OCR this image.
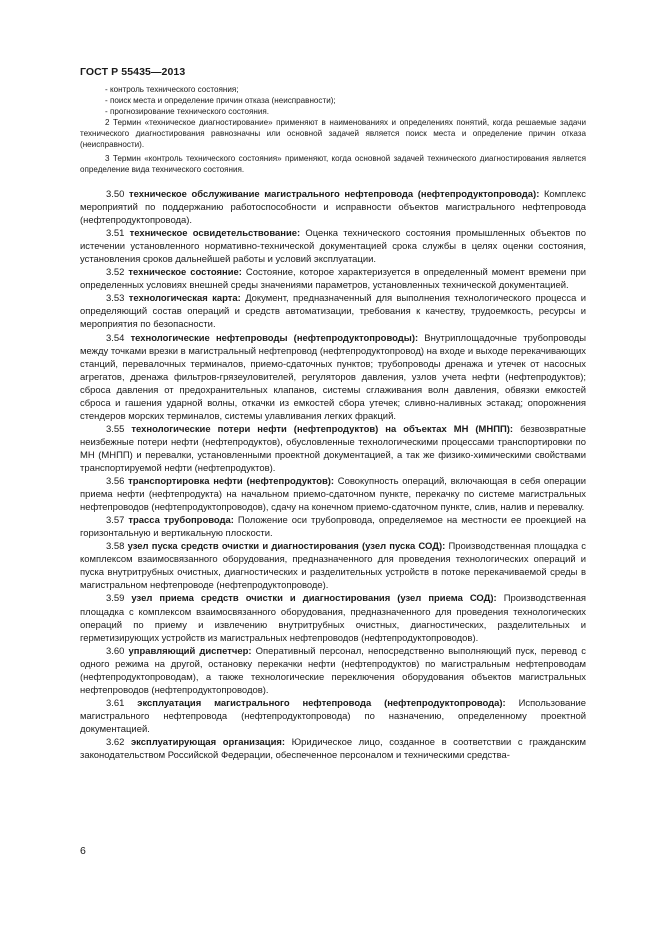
ГОСТ Р 55435—2013

- контроль технического состояния;

- поиск места и определение причин отказа (неисправности);

- прогнозирование технического состояния.

2 Термин «техническое диагностирование» применяют в наименованиях и определениях понятий, когда решаемые задачи технического диагностирования равнозначны или основной задачей является поиск места и определение причин отказа (неисправности).

3 Термин «контроль технического состояния» применяют, когда основной задачей технического диагностирования является определение вида технического состояния.

3.50 техническое обслуживание магистрального нефтепровода (нефтепродуктопровода): Комплекс мероприятий по поддержанию работоспособности и исправности объектов магистрального нефтепровода (нефтепродуктопровода).

3.51 техническое освидетельствование: Оценка технического состояния промышленных объектов по истечении установленного нормативно-технической документацией срока службы в целях оценки состояния, установления сроков дальнейшей работы и условий эксплуатации.

3.52 техническое состояние: Состояние, которое характеризуется в определенный момент времени при определенных условиях внешней среды значениями параметров, установленных технической документацией.

3.53 технологическая карта: Документ, предназначенный для выполнения технологического процесса и определяющий состав операций и средств автоматизации, требования к качеству, трудоемкость, ресурсы и мероприятия по безопасности.

3.54 технологические нефтепроводы (нефтепродуктопроводы): Внутриплощадочные трубопроводы между точками врезки в магистральный нефтепровод (нефтепродуктопровод) на входе и выходе перекачивающих станций, перевалочных терминалов, приемо-сдаточных пунктов; трубопроводы дренажа и утечек от насосных агрегатов, дренажа фильтров-грязеуловителей, регуляторов давления, узлов учета нефти (нефтепродуктов); сброса давления от предохранительных клапанов, системы сглаживания волн давления, обвязки емкостей сброса и гашения ударной волны, откачки из емкостей сбора утечек; сливно-наливных эстакад; опорожнения стендеров морских терминалов, системы улавливания легких фракций.

3.55 технологические потери нефти (нефтепродуктов) на объектах МН (МНПП): безвозвратные неизбежные потери нефти (нефтепродуктов), обусловленные технологическими процессами транспортировки по МН (МНПП) и перевалки, установленными проектной документацией, а так же физико-химическими свойствами транспортируемой нефти (нефтепродуктов).

3.56 транспортировка нефти (нефтепродуктов): Совокупность операций, включающая в себя операции приема нефти (нефтепродукта) на начальном приемо-сдаточном пункте, перекачку по системе магистральных нефтепроводов (нефтепродуктопроводов), сдачу на конечном приемо-сдаточном пункте, слив, налив и перевалку.

3.57 трасса трубопровода: Положение оси трубопровода, определяемое на местности ее проекцией на горизонтальную и вертикальную плоскости.

3.58 узел пуска средств очистки и диагностирования (узел пуска СОД): Производственная площадка с комплексом взаимосвязанного оборудования, предназначенного для проведения технологических операций и пуска внутритрубных очистных, диагностических и разделительных устройств в потоке перекачиваемой среды в магистральном нефтепроводе (нефтепродуктопроводе).

3.59 узел приема средств очистки и диагностирования (узел приема СОД): Производственная площадка с комплексом взаимосвязанного оборудования, предназначенного для проведения технологических операций по приему и извлечению внутритрубных очистных, диагностических, разделительных и герметизирующих устройств из магистральных нефтепроводов (нефтепродуктопроводов).

3.60 управляющий диспетчер: Оперативный персонал, непосредственно выполняющий пуск, перевод с одного режима на другой, остановку перекачки нефти (нефтепродуктов) по магистральным нефтепроводам (нефтепродуктопроводам), а также технологические переключения оборудования объектов магистральных нефтепроводов (нефтепродуктопроводов).

3.61 эксплуатация магистрального нефтепровода (нефтепродуктопровода): Использование магистрального нефтепровода (нефтепродуктопровода) по назначению, определенному проектной документацией.

3.62 эксплуатирующая организация: Юридическое лицо, созданное в соответствии с гражданским законодательством Российской Федерации, обеспеченное персоналом и техническими средства-

6
